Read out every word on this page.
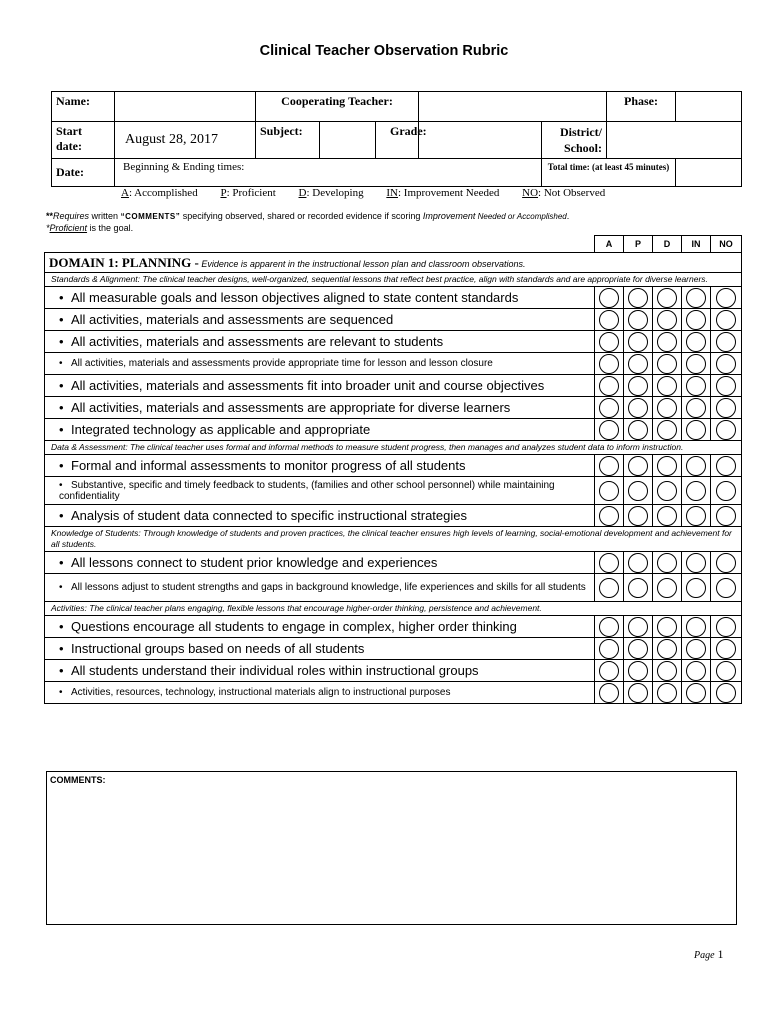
Clinical Teacher Observation Rubric
Name:		Cooperating Teacher:					Phase:	
Start date:	August 28, 2017	Subject:		Grade:		District/
School:		

Date:	Beginning & Ending times:					Total time: (at least 45 minutes)		
A: Accomplished P: Proficient D: Developing IN: Improvement Needed NO: Not Observed
**Requires written “COMMENTS” specifying observed, shared or recorded evidence if scoring Improvement Needed or Accomplished.
*Proficient is the goal.
	A	P	D	IN	NO
DOMAIN 1: PLANNING - Evidence is apparent in the instructional lesson plan and classroom observations.					
Standards & Alignment: The clinical teacher designs, well-organized, sequential lessons that reflect best practice, align with standards and are appropriate for diverse learners.					
• All measurable goals and lesson objectives aligned to state content standards	

• All activities, materials and assessments are sequenced	

• All activities, materials and assessments are relevant to students	

• All activities, materials and assessments provide appropriate time for lesson and lesson closure	

• All activities, materials and assessments fit into broader unit and course objectives	

• All activities, materials and assessments are appropriate for diverse learners	

• Integrated technology as applicable and appropriate	

Data & Assessment: The clinical teacher uses formal and informal methods to measure student progress, then manages and analyzes student data to inform instruction.					
• Formal and informal assessments to monitor progress of all students	

• Substantive, specific and timely feedback to students, (families and other school personnel) while maintaining confidentiality	

• Analysis of student data connected to specific instructional strategies	

Knowledge of Students: Through knowledge of students and proven practices, the clinical teacher ensures high levels of learning, social-emotional development and achievement for all students.					
• All lessons connect to student prior knowledge and experiences	

• All lessons adjust to student strengths and gaps in background knowledge, life experiences and skills for all students	

Activities: The clinical teacher plans engaging, flexible lessons that encourage higher-order thinking, persistence and achievement.					
• Questions encourage all students to engage in complex, higher order thinking	

• Instructional groups based on needs of all students	

• All students understand their individual roles within instructional groups	

• Activities, resources, technology, instructional materials align to instructional purposes	

COMMENTS:
Page 1
